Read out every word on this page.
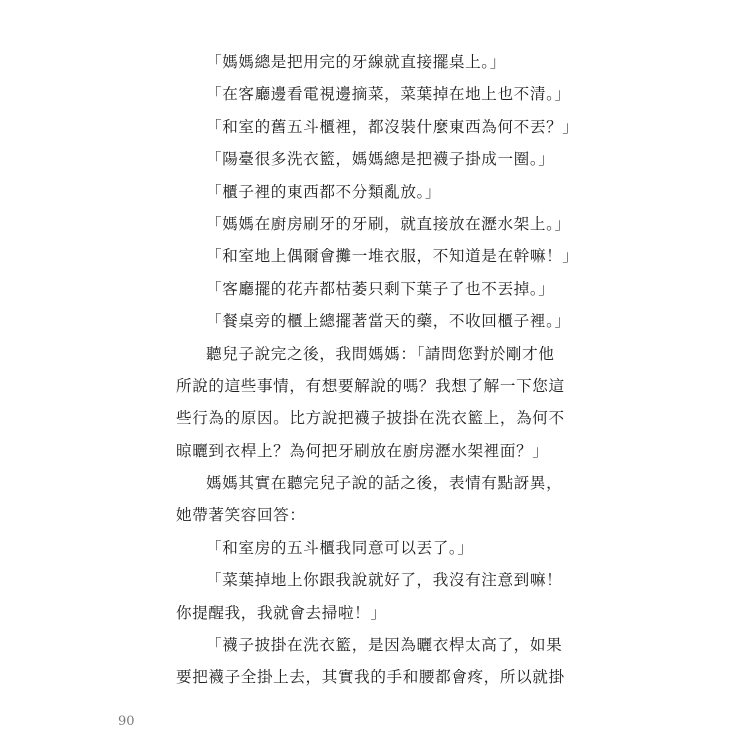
「媽媽總是把用完的牙線就直接擺桌上。」
「在客廳邊看電視邊摘菜，菜葉掉在地上也不清。」
「和室的舊五斗櫃裡，都沒裝什麼東西為何不丟？」
「陽臺很多洗衣籃，媽媽總是把襪子掛成一圈。」
「櫃子裡的東西都不分類亂放。」
「媽媽在廚房刷牙的牙刷，就直接放在瀝水架上。」
「和室地上偶爾會攤一堆衣服，不知道是在幹嘛！」
「客廳擺的花卉都枯萎只剩下葉子了也不丟掉。」
「餐桌旁的櫃上總擺著當天的藥，不收回櫃子裡。」
聽兒子說完之後，我問媽媽：「請問您對於剛才他
所說的這些事情，有想要解說的嗎？我想了解一下您這
些行為的原因。比方說把襪子披掛在洗衣籃上，為何不
晾曬到衣桿上？為何把牙刷放在廚房瀝水架裡面？」
媽媽其實在聽完兒子說的話之後，表情有點訝異，
她帶著笑容回答：
「和室房的五斗櫃我同意可以丟了。」
「菜葉掉地上你跟我說就好了，我沒有注意到嘛！
你提醒我，我就會去掃啦！」
「襪子披掛在洗衣籃，是因為曬衣桿太高了，如果
要把襪子全掛上去，其實我的手和腰都會疼，所以就掛
90
